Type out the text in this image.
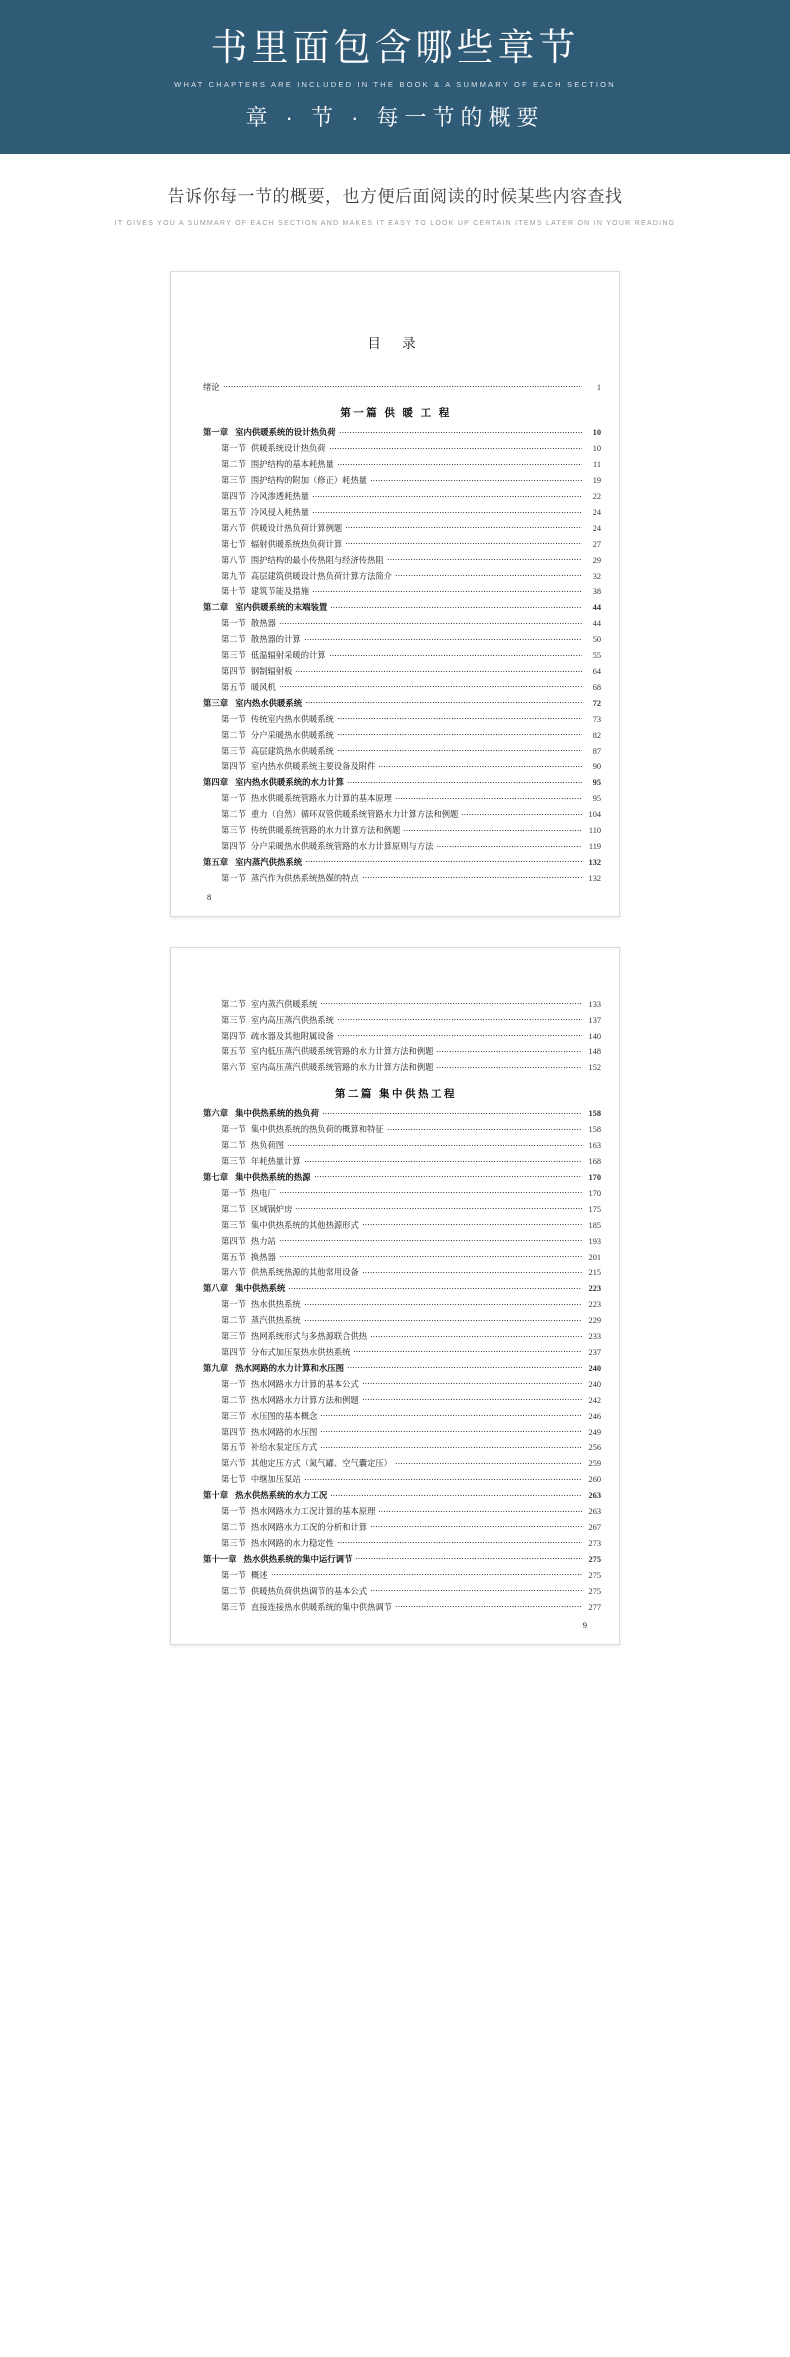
书里面包含哪些章节
WHAT CHAPTERS ARE INCLUDED IN THE BOOK & A SUMMARY OF EACH SECTION
章 · 节 · 每一节的概要
告诉你每一节的概要，也方便后面阅读的时候某些内容查找
IT GIVES YOU A SUMMARY OF EACH SECTION AND MAKES IT EASY TO LOOK UP CERTAIN ITEMS LATER ON IN YOUR READING
目 录
绪论	1
第一篇 供 暖 工 程
第一章 室内供暖系统的设计热负荷	10
第一节 供暖系统设计热负荷	10
第二节 围护结构的基本耗热量	11
第三节 围护结构的附加（修正）耗热量	19
第四节 冷风渗透耗热量	22
第五节 冷风侵入耗热量	24
第六节 供暖设计热负荷计算例题	24
第七节 辐射供暖系统热负荷计算	27
第八节 围护结构的最小传热阻与经济传热阻	29
第九节 高层建筑供暖设计热负荷计算方法简介	32
第十节 建筑节能及措施	38
第二章 室内供暖系统的末端装置	44
第一节 散热器	44
第二节 散热器的计算	50
第三节 低温辐射采暖的计算	55
第四节 钢制辐射板	64
第五节 暖风机	68
第三章 室内热水供暖系统	72
第一节 传统室内热水供暖系统	73
第二节 分户采暖热水供暖系统	82
第三节 高层建筑热水供暖系统	87
第四节 室内热水供暖系统主要设备及附件	90
第四章 室内热水供暖系统的水力计算	95
第一节 热水供暖系统管路水力计算的基本原理	95
第二节 重力（自然）循环双管供暖系统管路水力计算方法和例题	104
第三节 传统供暖系统管路的水力计算方法和例题	110
第四节 分户采暖热水供暖系统管路的水力计算原则与方法	119
第五章 室内蒸汽供热系统	132
第一节 蒸汽作为供热系统热媒的特点	132
8
第二节 室内蒸汽供暖系统	133
第三节 室内高压蒸汽供热系统	137
第四节 疏水器及其他附属设备	140
第五节 室内低压蒸汽供暖系统管路的水力计算方法和例题	148
第六节 室内高压蒸汽供暖系统管路的水力计算方法和例题	152
第二篇 集中供热工程
第六章 集中供热系统的热负荷	158
第一节 集中供热系统的热负荷的概算和特征	158
第二节 热负荷图	163
第三节 年耗热量计算	168
第七章 集中供热系统的热源	170
第一节 热电厂	170
第二节 区域锅炉房	175
第三节 集中供热系统的其他热源形式	185
第四节 热力站	193
第五节 换热器	201
第六节 供热系统热源的其他常用设备	215
第八章 集中供热系统	223
第一节 热水供热系统	223
第二节 蒸汽供热系统	229
第三节 热网系统形式与多热源联合供热	233
第四节 分布式加压泵热水供热系统	237
第九章 热水网路的水力计算和水压图	240
第一节 热水网路水力计算的基本公式	240
第二节 热水网路水力计算方法和例题	242
第三节 水压图的基本概念	246
第四节 热水网路的水压图	249
第五节 补给水泵定压方式	256
第六节 其他定压方式（氮气罐、空气囊定压）	259
第七节 中继加压泵站	260
第十章 热水供热系统的水力工况	263
第一节 热水网路水力工况计算的基本原理	263
第二节 热水网路水力工况的分析和计算	267
第三节 热水网路的水力稳定性	273
第十一章 热水供热系统的集中运行调节	275
第一节 概述	275
第二节 供暖热负荷供热调节的基本公式	275
第三节 直接连接热水供暖系统的集中供热调节	277
9
